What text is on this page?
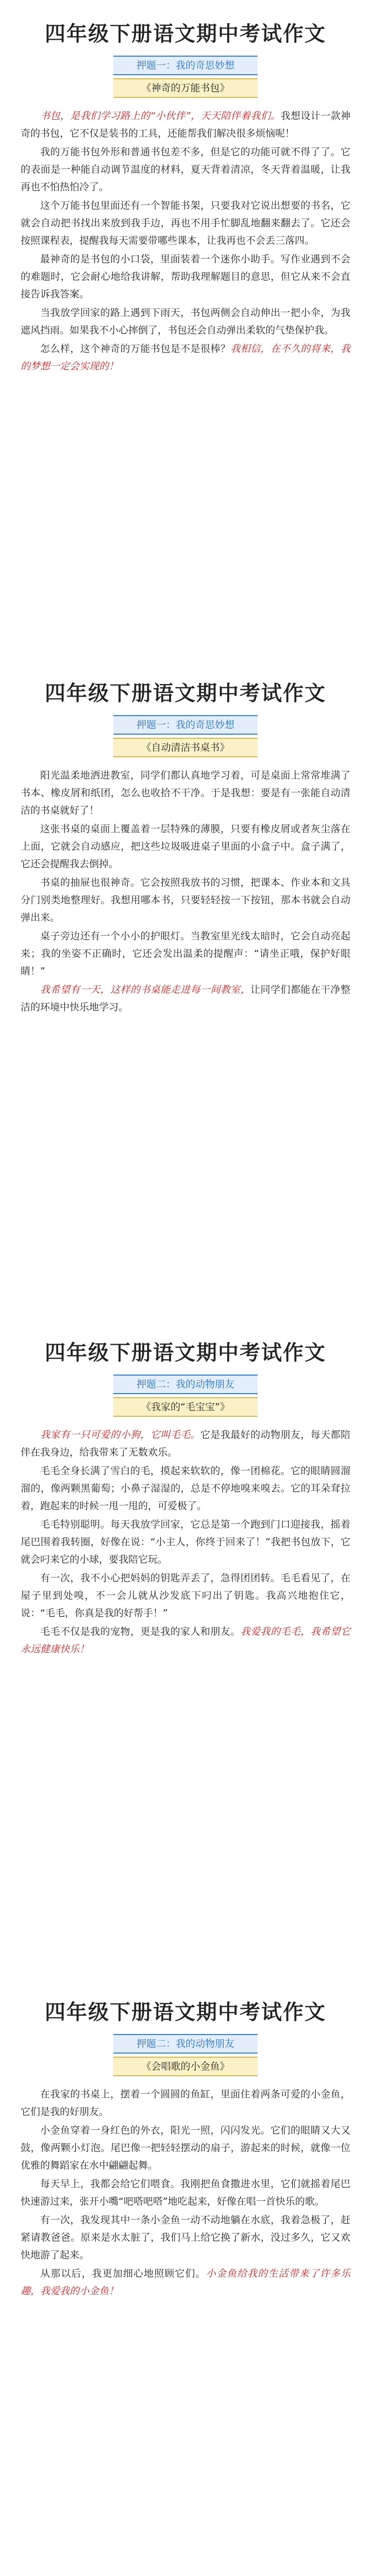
四年级下册语文期中考试作文
押题一：我的奇思妙想
《神奇的万能书包》

书包，是我们学习路上的“小伙伴”，天天陪伴着我们。我想设计一款神奇的书包，它不仅是装书的工具，还能帮我们解决很多烦恼呢！

我的万能书包外形和普通书包差不多，但是它的功能可就不得了了。它的表面是一种能自动调节温度的材料，夏天背着清凉，冬天背着温暖，让我再也不怕热怕冷了。

这个万能书包里面还有一个智能书架，只要我对它说出想要的书名，它就会自动把书找出来放到我手边，再也不用手忙脚乱地翻来翻去了。它还会按照课程表，提醒我每天需要带哪些课本，让我再也不会丢三落四。

最神奇的是书包的小口袋，里面装着一个迷你小助手。写作业遇到不会的难题时，它会耐心地给我讲解，帮助我理解题目的意思，但它从来不会直接告诉我答案。

当我放学回家的路上遇到下雨天，书包两侧会自动伸出一把小伞，为我遮风挡雨。如果我不小心摔倒了，书包还会自动弹出柔软的气垫保护我。

怎么样，这个神奇的万能书包是不是很棒？我相信，在不久的将来，我的梦想一定会实现的！

四年级下册语文期中考试作文
押题一：我的奇思妙想
《自动清洁书桌书》

阳光温柔地洒进教室，同学们都认真地学习着，可是桌面上常常堆满了书本、橡皮屑和纸团，怎么也收拾不干净。于是我想：要是有一张能自动清洁的书桌就好了！

这张书桌的桌面上覆盖着一层特殊的薄膜，只要有橡皮屑或者灰尘落在上面，它就会自动感应，把这些垃圾吸进桌子里面的小盒子中。盒子满了，它还会提醒我去倒掉。

书桌的抽屉也很神奇。它会按照我放书的习惯，把课本、作业本和文具分门别类地整理好。我想用哪本书，只要轻轻按一下按钮，那本书就会自动弹出来。

桌子旁边还有一个小小的护眼灯。当教室里光线太暗时，它会自动亮起来；我的坐姿不正确时，它还会发出温柔的提醒声：“请坐正哦，保护好眼睛！”

我希望有一天，这样的书桌能走进每一间教室，让同学们都能在干净整洁的环境中快乐地学习。

四年级下册语文期中考试作文
押题二：我的动物朋友
《我家的“毛宝宝”》

我家有一只可爱的小狗，它叫毛毛。它是我最好的动物朋友，每天都陪伴在我身边，给我带来了无数欢乐。

毛毛全身长满了雪白的毛，摸起来软软的，像一团棉花。它的眼睛圆溜溜的，像两颗黑葡萄；小鼻子湿湿的，总是不停地嗅来嗅去。它的耳朵耷拉着，跑起来的时候一甩一甩的，可爱极了。

毛毛特别聪明。每天我放学回家，它总是第一个跑到门口迎接我，摇着尾巴围着我转圈，好像在说：“小主人，你终于回来了！”我把书包放下，它就会叼来它的小球，要我陪它玩。

有一次，我不小心把妈妈的钥匙弄丢了，急得团团转。毛毛看见了，在屋子里到处嗅，不一会儿就从沙发底下叼出了钥匙。我高兴地抱住它，说：“毛毛，你真是我的好帮手！”

毛毛不仅是我的宠物，更是我的家人和朋友。我爱我的毛毛，我希望它永远健康快乐！

四年级下册语文期中考试作文
押题二：我的动物朋友
《会唱歌的小金鱼》

在我家的书桌上，摆着一个圆圆的鱼缸，里面住着两条可爱的小金鱼，它们是我的好朋友。

小金鱼穿着一身红色的外衣，阳光一照，闪闪发光。它们的眼睛又大又鼓，像两颗小灯泡。尾巴像一把轻轻摆动的扇子，游起来的时候，就像一位优雅的舞蹈家在水中翩翩起舞。

每天早上，我都会给它们喂食。我刚把鱼食撒进水里，它们就摇着尾巴快速游过来，张开小嘴“吧嗒吧嗒”地吃起来，好像在唱一首快乐的歌。

有一次，我发现其中一条小金鱼一动不动地躺在水底，我着急极了，赶紧请教爸爸。原来是水太脏了，我们马上给它换了新水，没过多久，它又欢快地游了起来。

从那以后，我更加细心地照顾它们。小金鱼给我的生活带来了许多乐趣，我爱我的小金鱼！
